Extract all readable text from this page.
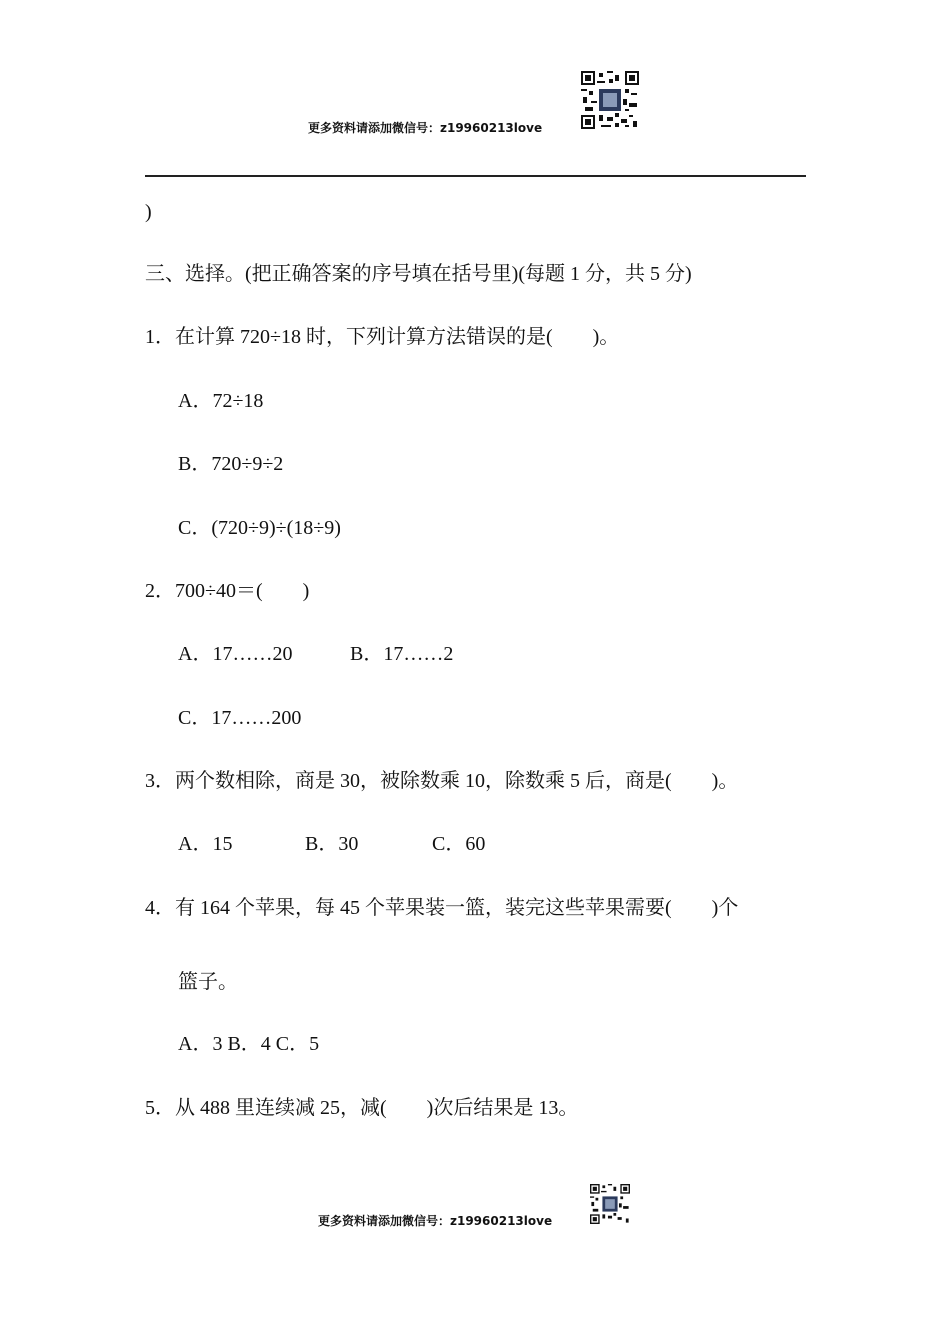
更多资料请添加微信号：z19960213love
)
三、选择。(把正确答案的序号填在括号里)(每题 1 分，共 5 分)
1．在计算 720÷18 时，下列计算方法错误的是(　　)。
A．72÷18
B．720÷9÷2
C．(720÷9)÷(18÷9)
2．700÷40＝(　　)
A．17……20	B．17……2
C．17……200
3．两个数相除，商是 30，被除数乘 10，除数乘 5 后，商是(　　)。
A．15	B．30	C．60
4．有 164 个苹果，每 45 个苹果装一篮，装完这些苹果需要(　　)个
篮子。
A．3 B．4 C．5
5．从 488 里连续减 25，减(　　)次后结果是 13。
更多资料请添加微信号：z19960213love
